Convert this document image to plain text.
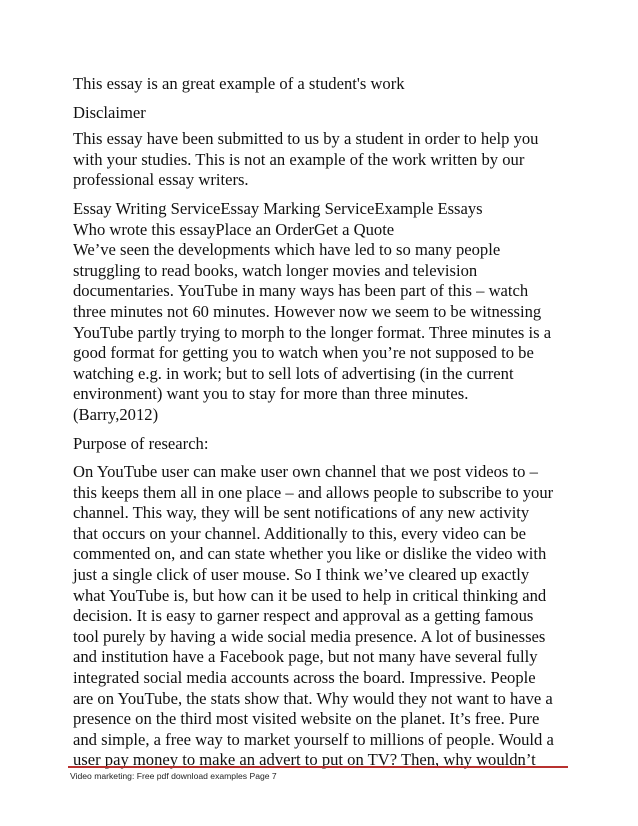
This essay is an great example of a student's work

Disclaimer

This essay have been submitted to us by a student in order to help you
with your studies. This is not an example of the work written by our
professional essay writers.

Essay Writing ServiceEssay Marking ServiceExample Essays
Who wrote this essayPlace an OrderGet a Quote

We’ve seen the developments which have led to so many people
struggling to read books, watch longer movies and television
documentaries. YouTube in many ways has been part of this – watch
three minutes not 60 minutes. However now we seem to be witnessing
YouTube partly trying to morph to the longer format. Three minutes is a
good format for getting you to watch when you’re not supposed to be
watching e.g. in work; but to sell lots of advertising (in the current
environment) want you to stay for more than three minutes.
(Barry,2012)

Purpose of research:

On YouTube user can make user own channel that we post videos to –
this keeps them all in one place – and allows people to subscribe to your
channel. This way, they will be sent notifications of any new activity
that occurs on your channel. Additionally to this, every video can be
commented on, and can state whether you like or dislike the video with
just a single click of user mouse. So I think we’ve cleared up exactly
what YouTube is, but how can it be used to help in critical thinking and
decision. It is easy to garner respect and approval as a getting famous
tool purely by having a wide social media presence. A lot of businesses
and institution have a Facebook page, but not many have several fully
integrated social media accounts across the board. Impressive. People
are on YouTube, the stats show that. Why would they not want to have a
presence on the third most visited website on the planet. It’s free. Pure
and simple, a free way to market yourself to millions of people. Would a
user pay money to make an advert to put on TV? Then, why wouldn’t

Video marketing: Free pdf download examples Page 7
